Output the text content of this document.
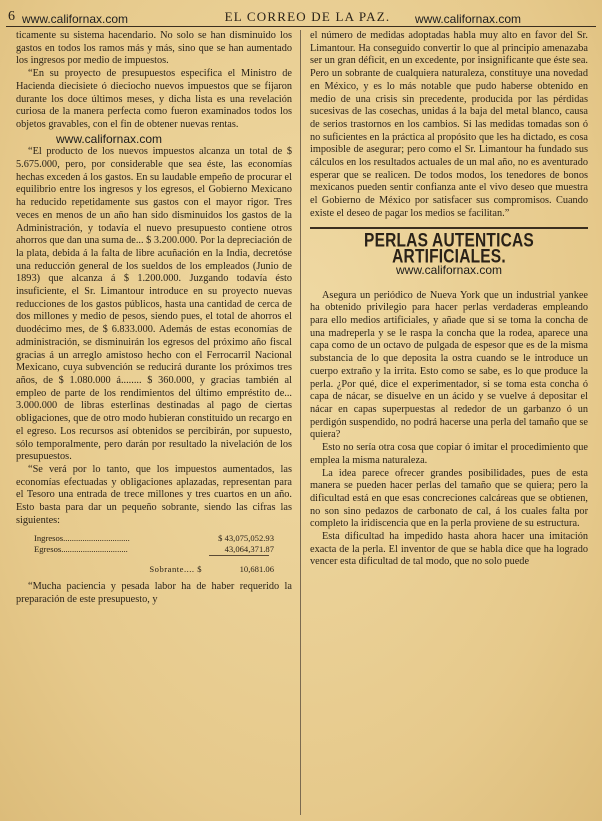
6 www.californax.com	EL CORREO DE LA PAZ.	www.californax.com

ticamente su sistema hacendario. No solo se han disminuido los gastos en todos los ramos más y más, sino que se han aumentado los ingresos por medio de impuestos.

“En su proyecto de presupuestos especifica el Ministro de Hacienda diecisiete ó dieciocho nuevos impuestos que se fijaron durante los doce últimos meses, y dicha lista es una revelación curiosa de la manera perfecta como fueron examinados todos los objetos gravables, con el fin de obtener nuevas rentas.

www.californax.com

“El producto de los nuevos impuestos alcanza un total de $ 5.675.000, pero, por considerable que sea éste, las economías hechas exceden á los gastos. En su laudable empeño de procurar el equilibrio entre los ingresos y los egresos, el Gobierno Mexicano ha reducido repetidamente sus gastos con el mayor rigor. Tres veces en menos de un año han sido disminuidos los gastos de la Administración, y todavía el nuevo presupuesto contiene otros ahorros que dan una suma de... $ 3.200.000. Por la depreciación de la plata, debida á la falta de libre acuñación en la India, decretóse una reducción general de los sueldos de los empleados (Junio de 1893) que alcanza á $ 1.200.000. Juzgando todavía ésto insuficiente, el Sr. Limantour introduce en su proyecto nuevas reducciones de los gastos públicos, hasta una cantidad de cerca de dos millones y medio de pesos, siendo pues, el total de ahorros el duodécimo mes, de $ 6.833.000. Además de estas economías de administración, se disminuirán los egresos del próximo año fiscal gracias á un arreglo amistoso hecho con el Ferrocarril Nacional Mexicano, cuya subvención se reducirá durante los próximos tres años, de $ 1.080.000 á........ $ 360.000, y gracias también al empleo de parte de los rendimientos del último empréstito de... 3.000.000 de libras esterlinas destinadas al pago de ciertas obligaciones, que de otro modo hubieran constituido un recargo en el egreso. Los recursos así obtenidos se percibirán, por supuesto, sólo temporalmente, pero darán por resultado la nivelación de los presupuestos.

“Se verá por lo tanto, que los impuestos aumentados, las economías efectuadas y obligaciones aplazadas, representan para el Tesoro una entrada de trece millones y tres cuartos en un año. Esto basta para dar un pequeño sobrante, siendo las cifras las siguientes:

Ingresos...............................	$ 43,075,052.93
Egresos...............................	43,064,371.87
Sobrante.... $	10,681.06

“Mucha paciencia y pesada labor ha de haber requerido la preparación de este presupuesto, y

el número de medidas adoptadas habla muy alto en favor del Sr. Limantour. Ha conseguido convertir lo que al principio amenazaba ser un gran déficit, en un excedente, por insignificante que éste sea. Pero un sobrante de cualquiera naturaleza, constituye una novedad en México, y es lo más notable que pudo haberse obtenido en medio de una crisis sin precedente, producida por las pérdidas sucesivas de las cosechas, unidas á la baja del metal blanco, causa de serios trastornos en los cambios. Si las medidas tomadas son ó no suficientes en la práctica al propósito que les ha dictado, es cosa imposible de asegurar; pero como el Sr. Limantour ha fundado sus cálculos en los resultados actuales de un mal año, no es aventurado esperar que se realicen. De todos modos, los tenedores de bonos mexicanos pueden sentir confianza ante el vivo deseo que muestra el Gobierno de México por satisfacer sus compromisos. Cuando existe el deseo de pagar los medios se facilitan.”

PERLAS AUTENTICAS ARTIFICIALES.
www.californax.com

Asegura un periódico de Nueva York que un industrial yankee ha obtenido privilegio para hacer perlas verdaderas empleando para ello medios artificiales, y añade que si se toma la concha de una madreperla y se le raspa la concha que la rodea, aparece una capa como de un octavo de pulgada de espesor que es de la misma substancia de lo que deposita la ostra cuando se le introduce un cuerpo extraño y la irrita. Esto como se sabe, es lo que produce la perla. ¿Por qué, dice el experimentador, si se toma esta concha ó capa de nácar, se disuelve en un ácido y se vuelve á depositar el nácar en capas superpuestas al rededor de un garbanzo ó un perdigón suspendido, no podrá hacerse una perla del tamaño que se quiera?

Esto no sería otra cosa que copiar ó imitar el procedimiento que emplea la misma naturaleza.

La idea parece ofrecer grandes posibilidades, pues de esta manera se pueden hacer perlas del tamaño que se quiera; pero la dificultad está en que esas concreciones calcáreas que se obtienen, no son sino pedazos de carbonato de cal, á los cuales falta por completo la iridiscencia que en la perla proviene de su estructura.

Esta dificultad ha impedido hasta ahora hacer una imitación exacta de la perla. El inventor de que se habla dice que ha logrado vencer esta dificultad de tal modo, que no solo puede
